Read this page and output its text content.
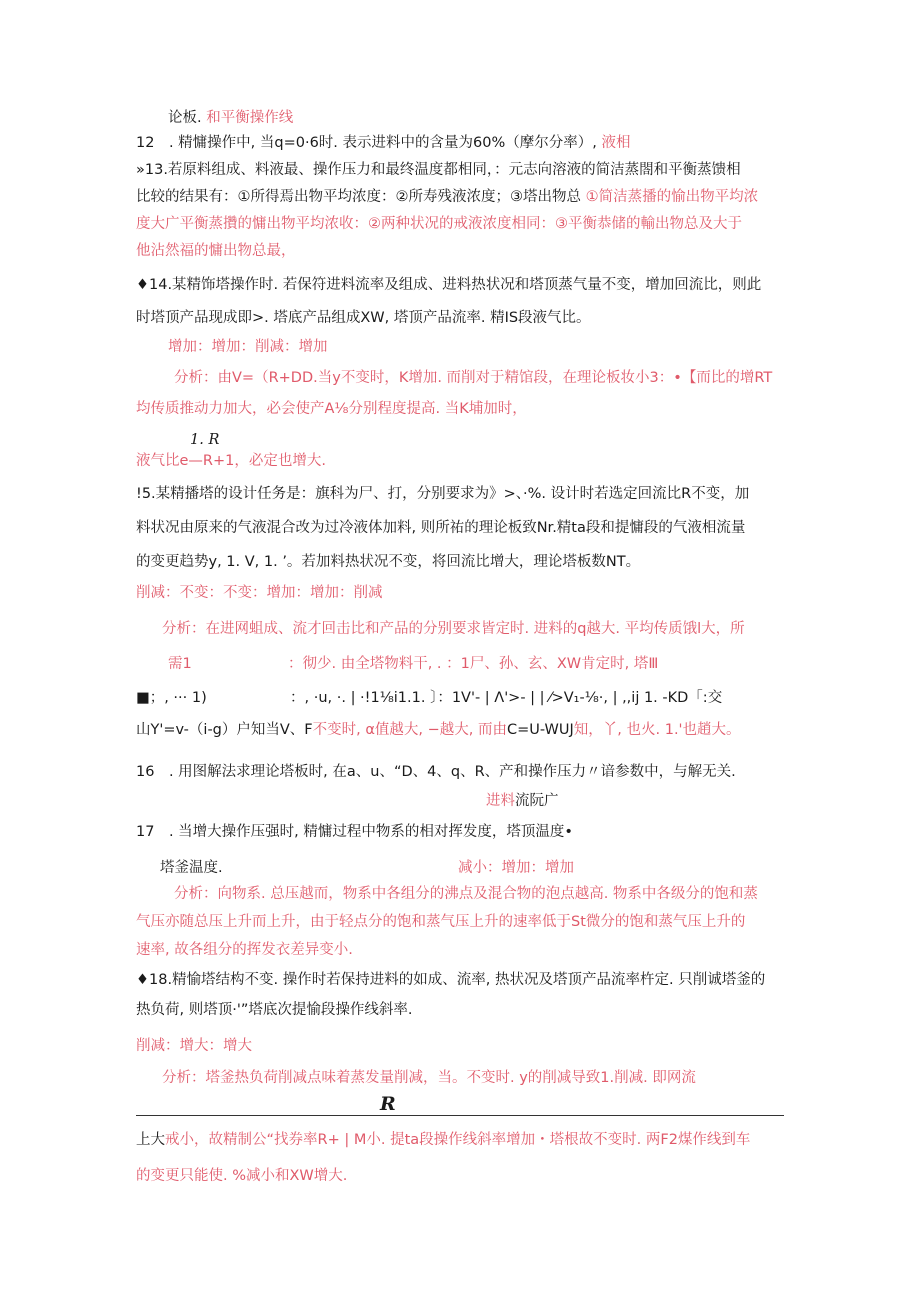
论板. 和平衡操作线
12　. 精慵操作中, 当q=0·6时. 表示进料中的含量为60%（摩尔分率）, 液相
»13.若原料组成、料液最、操作压力和最终温度都相同，：元志向溶液的简洁蒸閤和平衡蒸馈相
比较的结果有：①所得焉出物平均浓度：②所寿残液浓度；③塔出物总 ①简洁蒸播的愉出物平均浓
度大广平衡蒸攢的慵出物平均浓收：②两种状况的戒液浓度相同：③平衡恭储的輸出物总及大于
他沾然福的慵出物总最，
♦14.某精饰塔操作时. 若保符进料流率及组成、进料热状况和塔顶蒸气量不变，增加回流比，则此
时塔顶产品现成即>. 塔底产品组成XW, 塔顶产品流率. 精IS段液气比。
增加：增加：削减：增加
分析：由V=（R+DD.当y不变时，K增加. 而削对于精馆段，在理论板妆小3：•【而比的增RT
均传质推动力加大，必会使产A⅛分别程度提高. 当K埔加时，
1. R
液气比e—R+1，必定也增大.
!5.某精播塔的设计任务是：旗科为尸、打，分别要求为》>、·%. 设计时若选定回流比R不变，加
料状况由原来的气液混合改为过冷液体加料, 则所祐的理论板致Nr.精ta段和提慵段的气液相流量
的变更趋势y, 1. V, 1. ’。若加料热状况不变，将回流比增大，理论塔板数NT。
削减：不变：不变：增加：增加：削减
分析：在进网蛆成、流才回击比和产品的分别要求皆定时. 进料的q越大. 平均传质饿l大，所
需1	：彻少. 由全塔物料干, . ：1尸、孙、玄、XW肯定时, 塔Ⅲ
■；, ··· 1)	：, ·u, ·. | ·!1⅛i1.1. 〕：1V'- | Λ'>- | | ⁄>V₁-⅛·, | ,,ij 1. -KD「:交
山Y'=v-（i-g）户知当V、F不变时, α值越大, −越大, 而由C=U-WUJ知，丫, 也火. 1.'也趙大。
16　. 用图解法求理论塔板时, 在a、u、“D、4、q、R、产和操作压力〃谙参数中，与解无关.
进料流阮广
17　. 当增大操作压强时, 精慵过程中物系的相对挥发度，塔顶温度•
塔釜温度.	减小：增加：增加
分析：向物系. 总压越而，物系中各组分的沸点及混合物的泡点越高. 物系中各级分的饱和蒸
气压亦随总压上升而上升，由于轻点分的饱和蒸气压上升的速率低于St微分的饱和蒸气压上升的
速率, 故各组分的挥发衣差异变小.
♦18.精愉塔结构不变. 操作时若保持进料的如成、流率, 热状况及塔顶产品流率杵定. 只削诚塔釜的
热负荷, 则塔顶·'”塔底次提愉段操作线斜率.
削减：增大：增大
分析：塔釜热负荷削减点味着蒸发量削减，当。不变时. y的削减导致1.削减. 即网流
R
上大戒小，故精制公“找券率R+ | M小. 提ta段操作线斜率增加・塔根故不变时. 两F2煤作线到车
的变更只能使. %减小和XW增大.
